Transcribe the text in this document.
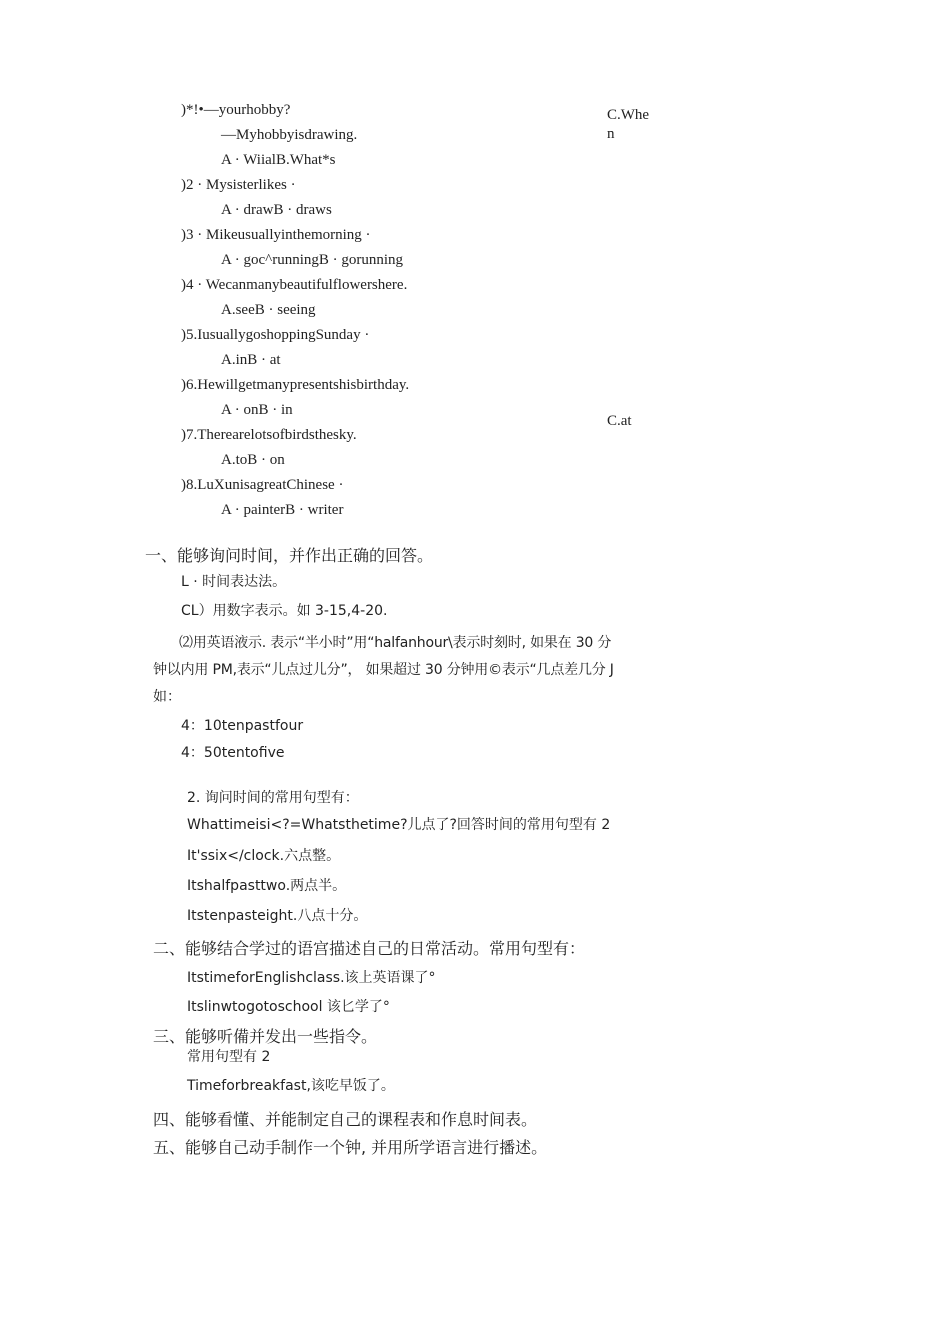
)*!•—yourhobby?
—Myhobbyisdrawing.
A · WiialB.What*s
)2 · Mysisterlikes ·
A · drawB · draws
)3 · Mikeusuallyinthemorning ·
A · goc^runningB · gorunning
)4 · Wecanmanybeautifulflowershere.
A.seeB · seeing
)5.IusuallygoshoppingSunday ·
A.inB · at
)6.Hewillgetmanypresentshisbirthday.
A · onB · in
)7.Therearelotsofbirdsthesky.
A.toB · on
)8.LuXunisagreatChinese ·
A · painterB · writer
C.Whe
n
C.at
一、能够询问时间，并作出正确的回答。
L · 时间表达法。
CL）用数字表示。如 3-15,4-20.
⑵用英语液示. 表示“半小时”用“halfanhour\表示时刻时, 如果在 30 分
钟以内用 PM,表示“儿点过儿分”， 如果超过 30 分钟用©表示“几点差几分 J
如：
4：10tenpastfour
4：50tentofive
2. 询问时间的常用句型有：
Whattimeisi<?=Whatsthetime?儿点了?回答时间的常用句型有 2
It'ssix</clock.六点整。
Itshalfpasttwo.两点半。
Itstenpasteight.八点十分。
二、能够结合学过的语宫描述自己的日常活动。常用句型有：
ItstimeforEnglishclass.该上英语课了°
Itslinwtogotoschool 该匕学了°
三、能够听備并发出一些指令。
常用句型有 2
Timeforbreakfast,该吃早饭了。
四、能够看懂、并能制定自己的课程表和作息时间表。
五、能够自己动手制作一个钟, 并用所学语言进行播述。
